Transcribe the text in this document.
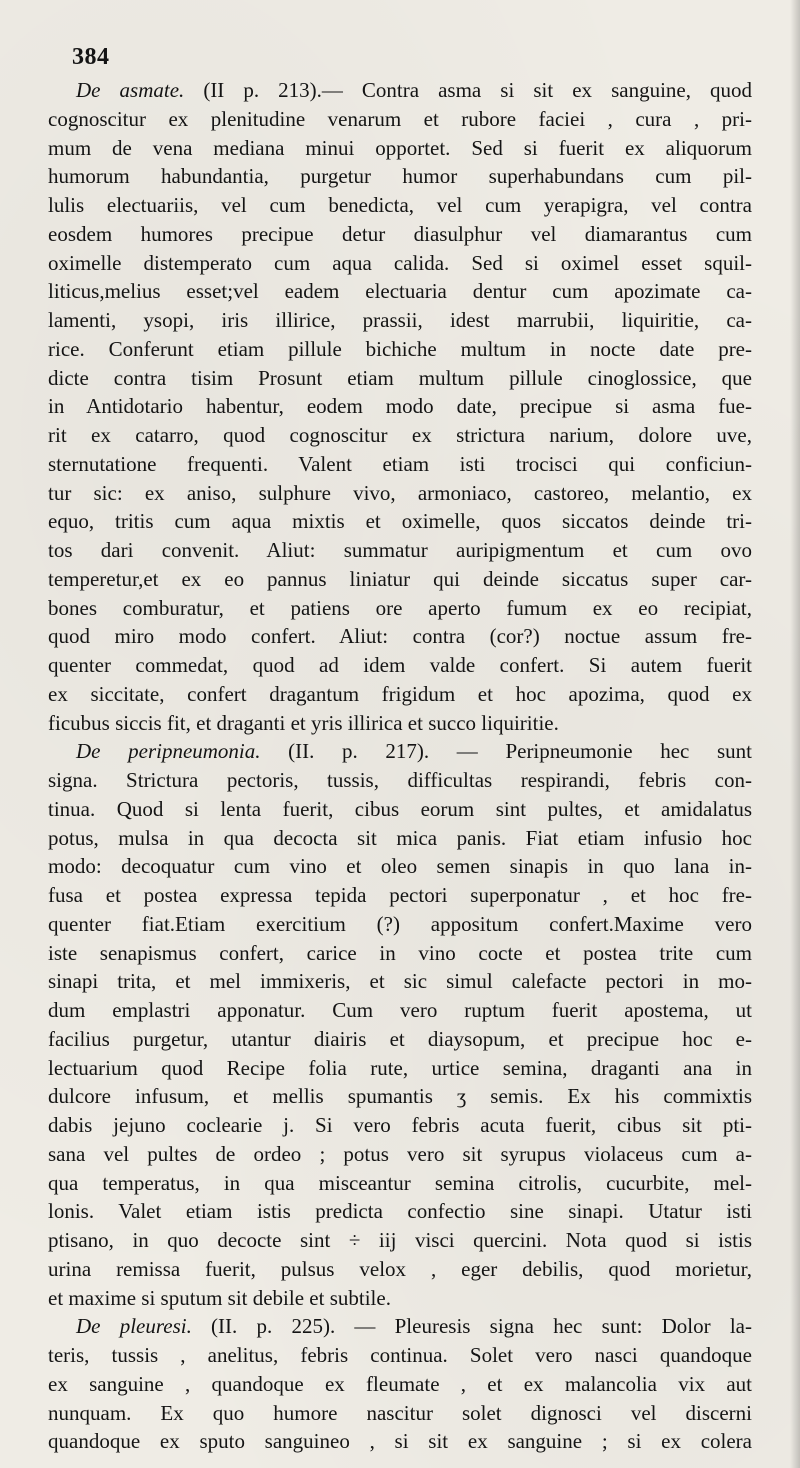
384
De asmate. (II p. 213).— Contra asma si sit ex sanguine, quod
cognoscitur ex plenitudine venarum et rubore faciei , cura , pri-
mum de vena mediana minui opportet. Sed si fuerit ex aliquorum
humorum habundantia, purgetur humor superhabundans cum pil-
lulis electuariis, vel cum benedicta, vel cum yerapigra, vel contra
eosdem humores precipue detur diasulphur vel diamarantus cum
oximelle distemperato cum aqua calida. Sed si oximel esset squil-
liticus,melius esset;vel eadem electuaria dentur cum apozimate ca-
lamenti, ysopi, iris illirice, prassii, idest marrubii, liquiritie, ca-
rice. Conferunt etiam pillule bichiche multum in nocte date pre-
dicte contra tisim Prosunt etiam multum pillule cinoglossice, que
in Antidotario habentur, eodem modo date, precipue si asma fue-
rit ex catarro, quod cognoscitur ex strictura narium, dolore uve,
sternutatione frequenti. Valent etiam isti trocisci qui conficiun-
tur sic: ex aniso, sulphure vivo, armoniaco, castoreo, melantio, ex
equo, tritis cum aqua mixtis et oximelle, quos siccatos deinde tri-
tos dari convenit. Aliut: summatur auripigmentum et cum ovo
temperetur,et ex eo pannus liniatur qui deinde siccatus super car-
bones comburatur, et patiens ore aperto fumum ex eo recipiat,
quod miro modo confert. Aliut: contra (cor?) noctue assum fre-
quenter commedat, quod ad idem valde confert. Si autem fuerit
ex siccitate, confert dragantum frigidum et hoc apozima, quod ex
ficubus siccis fit, et draganti et yris illirica et succo liquiritie.
De peripneumonia. (II. p. 217). — Peripneumonie hec sunt
signa. Strictura pectoris, tussis, difficultas respirandi, febris con-
tinua. Quod si lenta fuerit, cibus eorum sint pultes, et amidalatus
potus, mulsa in qua decocta sit mica panis. Fiat etiam infusio hoc
modo: decoquatur cum vino et oleo semen sinapis in quo lana in-
fusa et postea expressa tepida pectori superponatur , et hoc fre-
quenter fiat.Etiam exercitium (?) appositum confert.Maxime vero
iste senapismus confert, carice in vino cocte et postea trite cum
sinapi trita, et mel immixeris, et sic simul calefacte pectori in mo-
dum emplastri apponatur. Cum vero ruptum fuerit apostema, ut
facilius purgetur, utantur diairis et diaysopum, et precipue hoc e-
lectuarium quod Recipe folia rute, urtice semina, draganti ana in
dulcore infusum, et mellis spumantis ʒ semis. Ex his commixtis
dabis jejuno coclearie j. Si vero febris acuta fuerit, cibus sit pti-
sana vel pultes de ordeo ; potus vero sit syrupus violaceus cum a-
qua temperatus, in qua misceantur semina citrolis, cucurbite, mel-
lonis. Valet etiam istis predicta confectio sine sinapi. Utatur isti
ptisano, in quo decocte sint ÷ iij visci quercini. Nota quod si istis
urina remissa fuerit, pulsus velox , eger debilis, quod morietur,
et maxime si sputum sit debile et subtile.
De pleuresi. (II. p. 225). — Pleuresis signa hec sunt: Dolor la-
teris, tussis , anelitus, febris continua. Solet vero nasci quandoque
ex sanguine , quandoque ex fleumate , et ex malancolia vix aut
nunquam. Ex quo humore nascitur solet dignosci vel discerni
quandoque ex sputo sanguineo , si sit ex sanguine ; si ex colera
